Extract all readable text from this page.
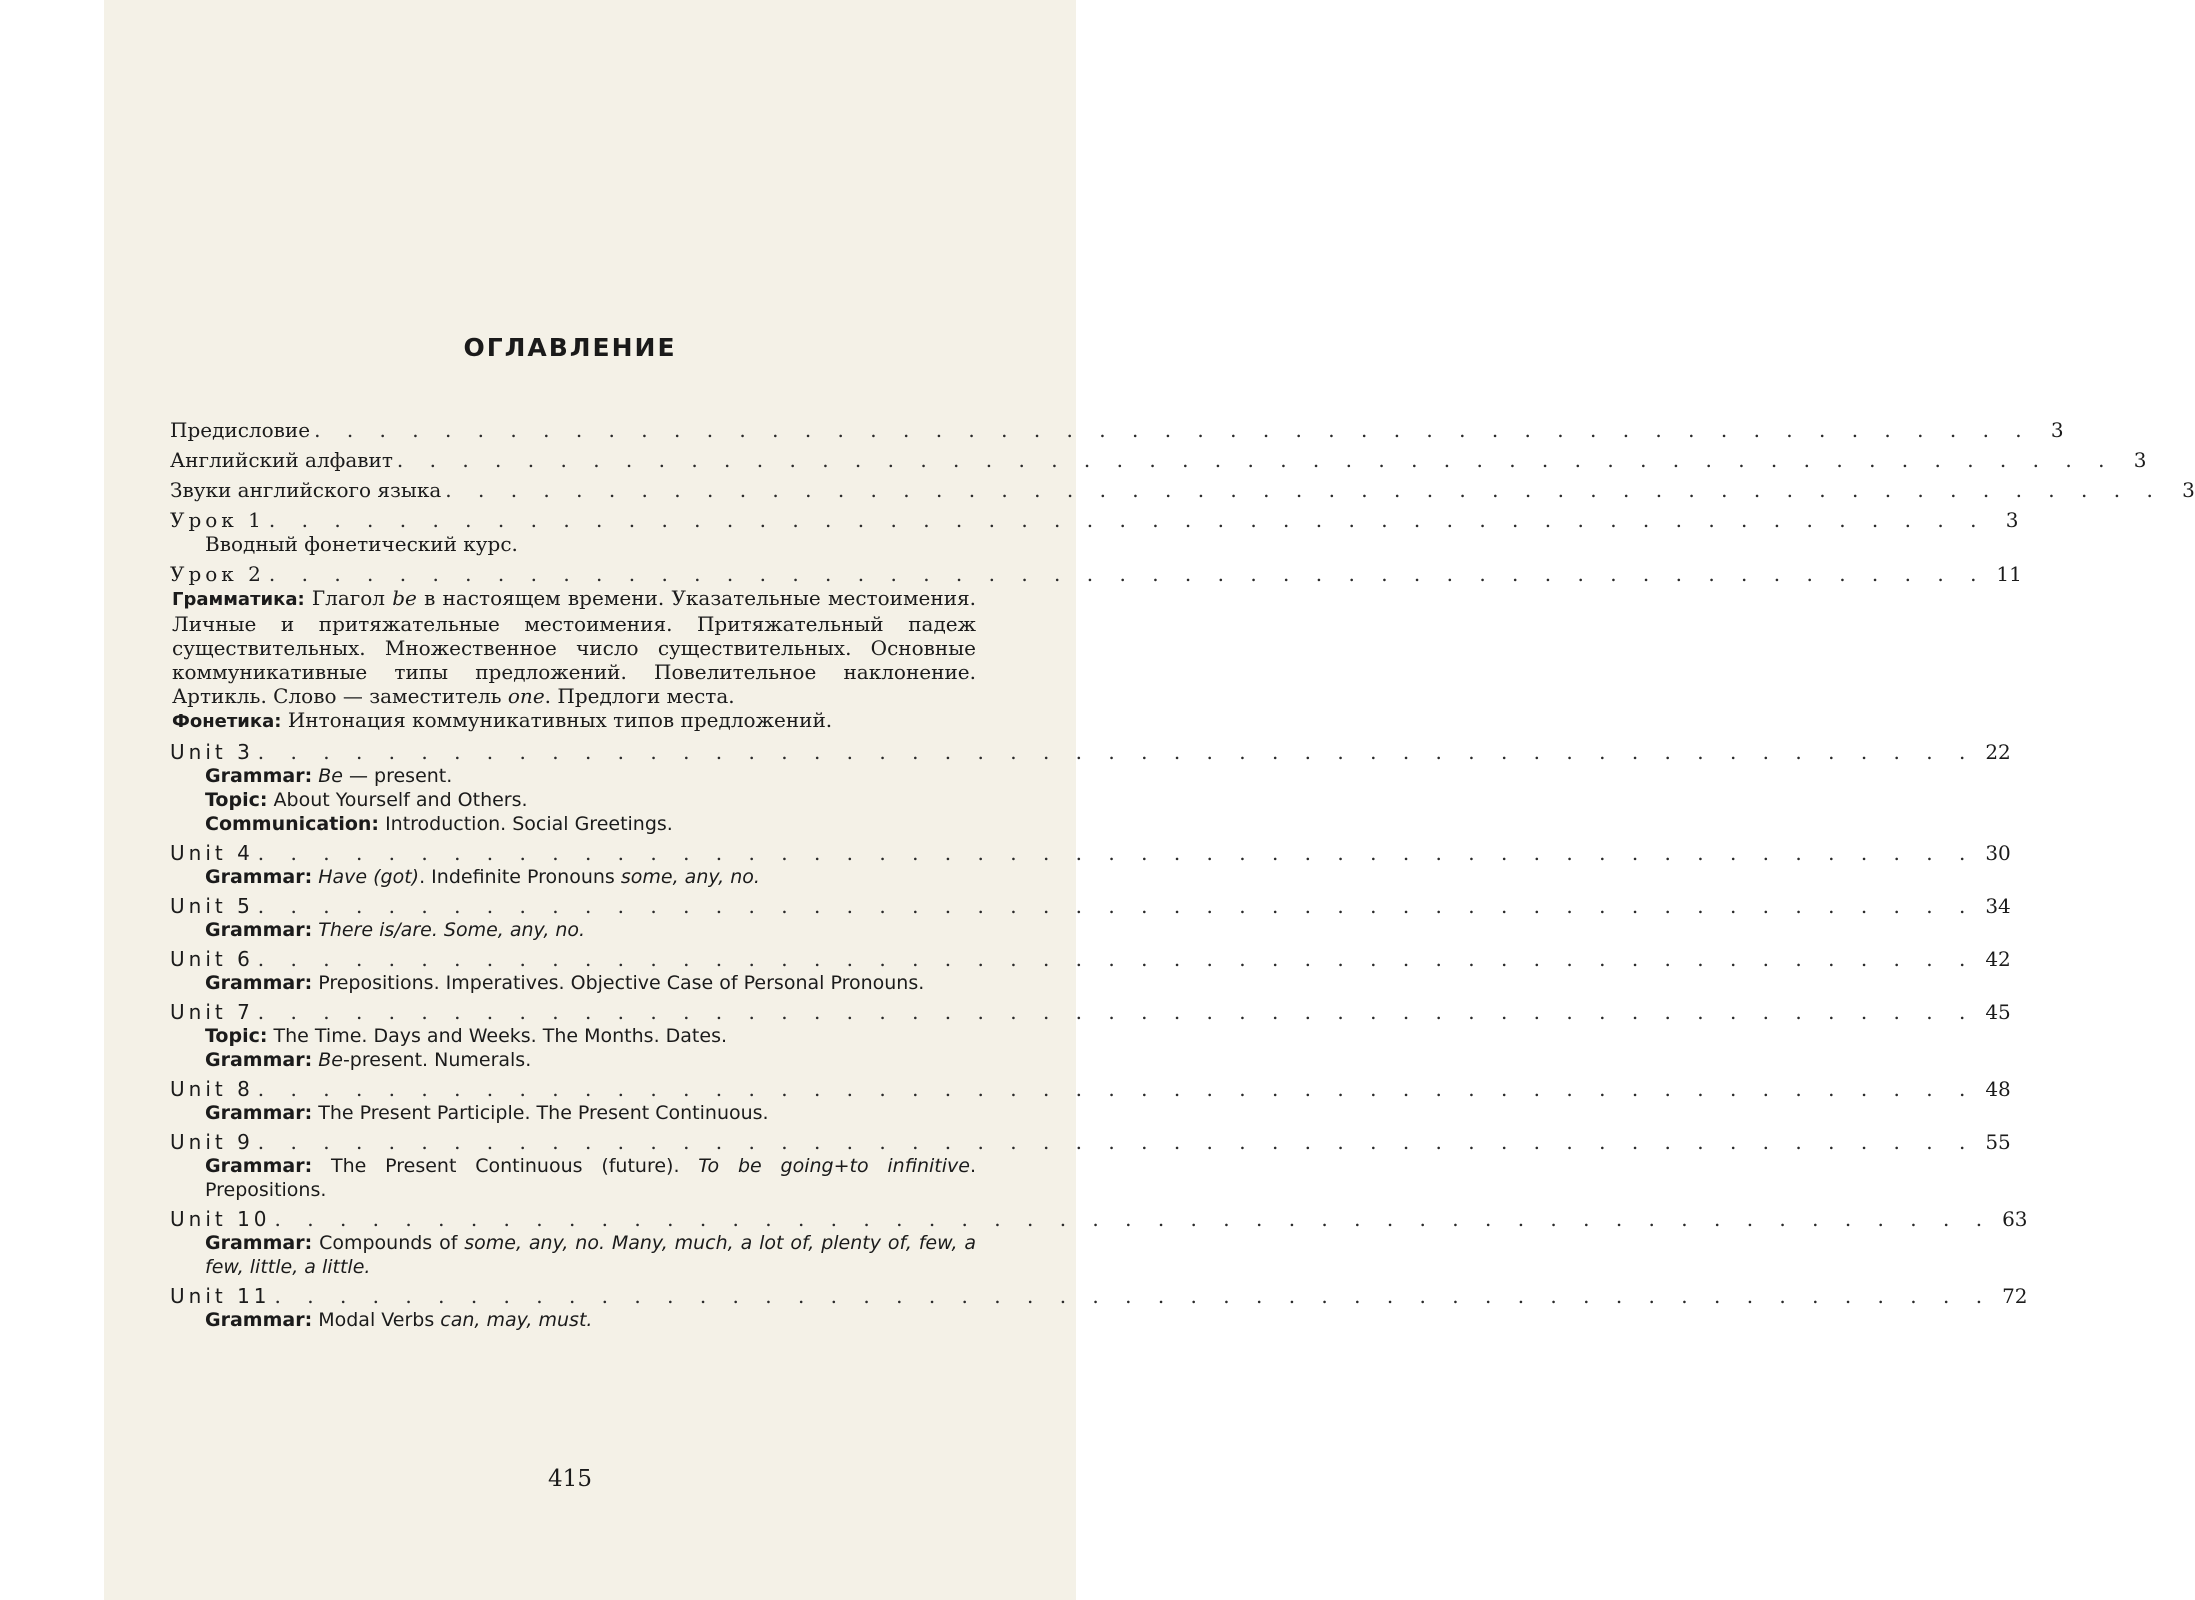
ОГЛАВЛЕНИЕ
Предисловие . . . . . . . . . . . . . . . . . . . . . . . . . . . . . . . . . . . . . . . . . . . . . . . . . . . . . 3
Английский алфавит . . . . . . . . . . . . . . . . . . . . . . . . . . . . . . . . . . . . . . . . . . . . . . . . . . . . . 3
Звуки английского языка . . . . . . . . . . . . . . . . . . . . . . . . . . . . . . . . . . . . . . . . . . . . . . . . . . . . . 3
Урок 1 . . . . . . . . . . . . . . . . . . . . . . . . . . . . . . . . . . . . . . . . . . . . . . . . . . . . . 3
Вводный фонетический курс.
Урок 2 . . . . . . . . . . . . . . . . . . . . . . . . . . . . . . . . . . . . . . . . . . . . . . . . . . . . . 11
Грамматика: Глагол be в настоящем времени. Указательные местоимения. Личные и притяжательные местоимения. Притяжательный падеж существительных. Множественное число существительных. Основные коммуникативные типы предложений. Повелительное наклонение. Артикль. Слово — заместитель one. Предлоги места.
Фонетика: Интонация коммуникативных типов предложений.
Unit 3 . . . . . . . . . . . . . . . . . . . . . . . . . . . . . . . . . . . . . . . . . . . . . . . . . . . . . 22
Grammar: Be — present.
Topic: About Yourself and Others.
Communication: Introduction. Social Greetings.
Unit 4 . . . . . . . . . . . . . . . . . . . . . . . . . . . . . . . . . . . . . . . . . . . . . . . . . . . . . 30
Grammar: Have (got). Indefinite Pronouns some, any, no.
Unit 5 . . . . . . . . . . . . . . . . . . . . . . . . . . . . . . . . . . . . . . . . . . . . . . . . . . . . . 34
Grammar: There is/are. Some, any, no.
Unit 6 . . . . . . . . . . . . . . . . . . . . . . . . . . . . . . . . . . . . . . . . . . . . . . . . . . . . . 42
Grammar: Prepositions. Imperatives. Objective Case of Personal Pronouns.
Unit 7 . . . . . . . . . . . . . . . . . . . . . . . . . . . . . . . . . . . . . . . . . . . . . . . . . . . . . 45
Topic: The Time. Days and Weeks. The Months. Dates.
Grammar: Be-present. Numerals.
Unit 8 . . . . . . . . . . . . . . . . . . . . . . . . . . . . . . . . . . . . . . . . . . . . . . . . . . . . . 48
Grammar: The Present Participle. The Present Continuous.
Unit 9 . . . . . . . . . . . . . . . . . . . . . . . . . . . . . . . . . . . . . . . . . . . . . . . . . . . . . 55
Grammar: The Present Continuous (future). To be going+to infinitive. Prepositions.
Unit 10 . . . . . . . . . . . . . . . . . . . . . . . . . . . . . . . . . . . . . . . . . . . . . . . . . . . . . 63
Grammar: Compounds of some, any, no. Many, much, a lot of, plenty of, few, a few, little, a little.
Unit 11 . . . . . . . . . . . . . . . . . . . . . . . . . . . . . . . . . . . . . . . . . . . . . . . . . . . . . 72
Grammar: Modal Verbs can, may, must.
415
